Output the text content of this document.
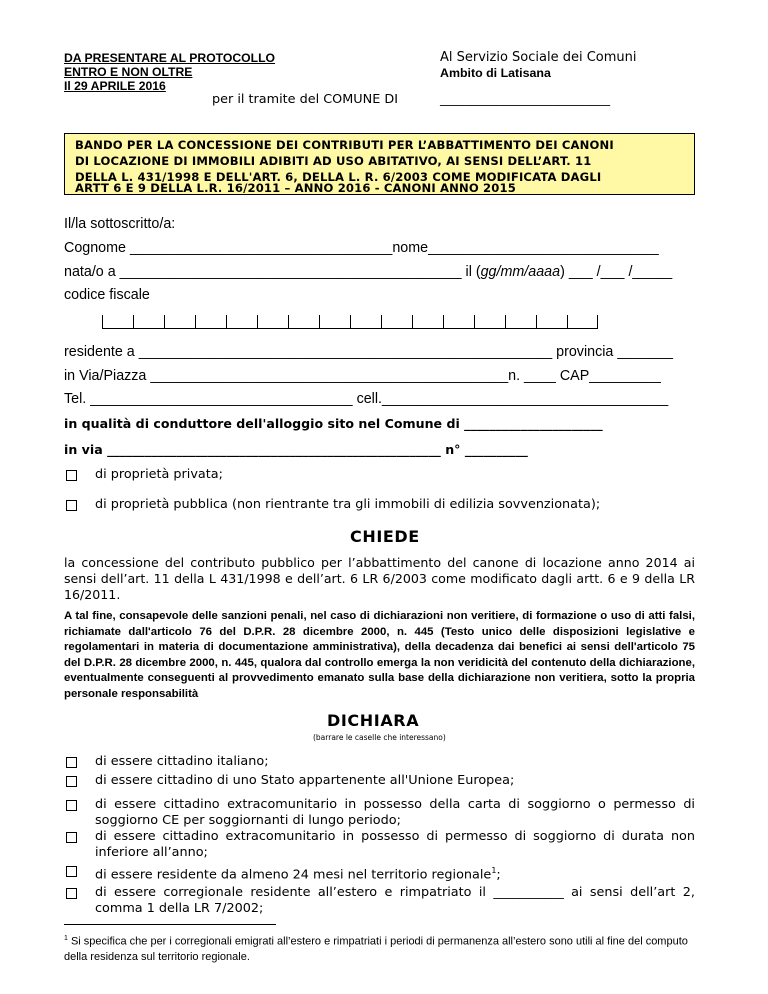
DA PRESENTARE AL PROTOCOLLO
ENTRO E NON OLTRE
Il 29 APRILE 2016
per il tramite del COMUNE DI
Al Servizio Sociale dei Comuni
Ambito di Latisana
___________________________
BANDO PER LA CONCESSIONE DEI CONTRIBUTI PER L’ABBATTIMENTO DEI CANONI
DI LOCAZIONE DI IMMOBILI ADIBITI AD USO ABITATIVO, AI SENSI DELL’ART. 11
DELLA L. 431/1998 E DELL'ART. 6, DELLA L. R. 6/2003 COME MODIFICATA DAGLI
ARTT 6 E 9 DELLA L.R. 16/2011 – ANNO 2016 - CANONI ANNO 2015
Il/la sottoscritto/a:
Cognome _________________________________nome_____________________________
nata/o a ___________________________________________ il (gg/mm/aaaa) ___ /___ /_____
codice fiscale
residente a ____________________________________________________ provincia _______
in Via/Piazza _____________________________________________n. ____ CAP_________
Tel. _________________________________ cell.____________________________________
in qualità di conduttore dell'alloggio sito nel Comune di ______________________
in via _____________________________________________________ n° __________
di proprietà privata;
di proprietà pubblica (non rientrante tra gli immobili di edilizia sovvenzionata);
CHIEDE
la concessione del contributo pubblico per l’abbattimento del canone di locazione anno 2014 ai sensi dell’art. 11 della L 431/1998 e dell’art. 6 LR 6/2003 come modificato dagli artt. 6 e 9 della LR 16/2011.
A tal fine, consapevole delle sanzioni penali, nel caso di dichiarazioni non veritiere, di formazione o uso di atti falsi, richiamate dall'articolo 76 del D.P.R. 28 dicembre 2000, n. 445 (Testo unico delle disposizioni legislative e regolamentari in materia di documentazione amministrativa), della decadenza dai benefici ai sensi dell'articolo 75 del D.P.R. 28 dicembre 2000, n. 445, qualora dal controllo emerga la non veridicità del contenuto della dichiarazione, eventualmente conseguenti al provvedimento emanato sulla base della dichiarazione non veritiera, sotto la propria personale responsabilità
DICHIARA
(barrare le caselle che interessano)
di essere cittadino italiano;
di essere cittadino di uno Stato appartenente all'Unione Europea;
di essere cittadino extracomunitario in possesso della carta di soggiorno o permesso di soggiorno CE per soggiornanti di lungo periodo;
di essere cittadino extracomunitario in possesso di permesso di soggiorno di durata non inferiore all’anno;
di essere residente da almeno 24 mesi nel territorio regionale$^1$;
di essere corregionale residente all’estero e rimpatriato il ___________ ai sensi dell’art 2, comma 1 della LR 7/2002;
$^1$ Si specifica che per i corregionali emigrati all’estero e rimpatriati i periodi di permanenza all’estero sono utili al fine del computo della residenza sul territorio regionale.
